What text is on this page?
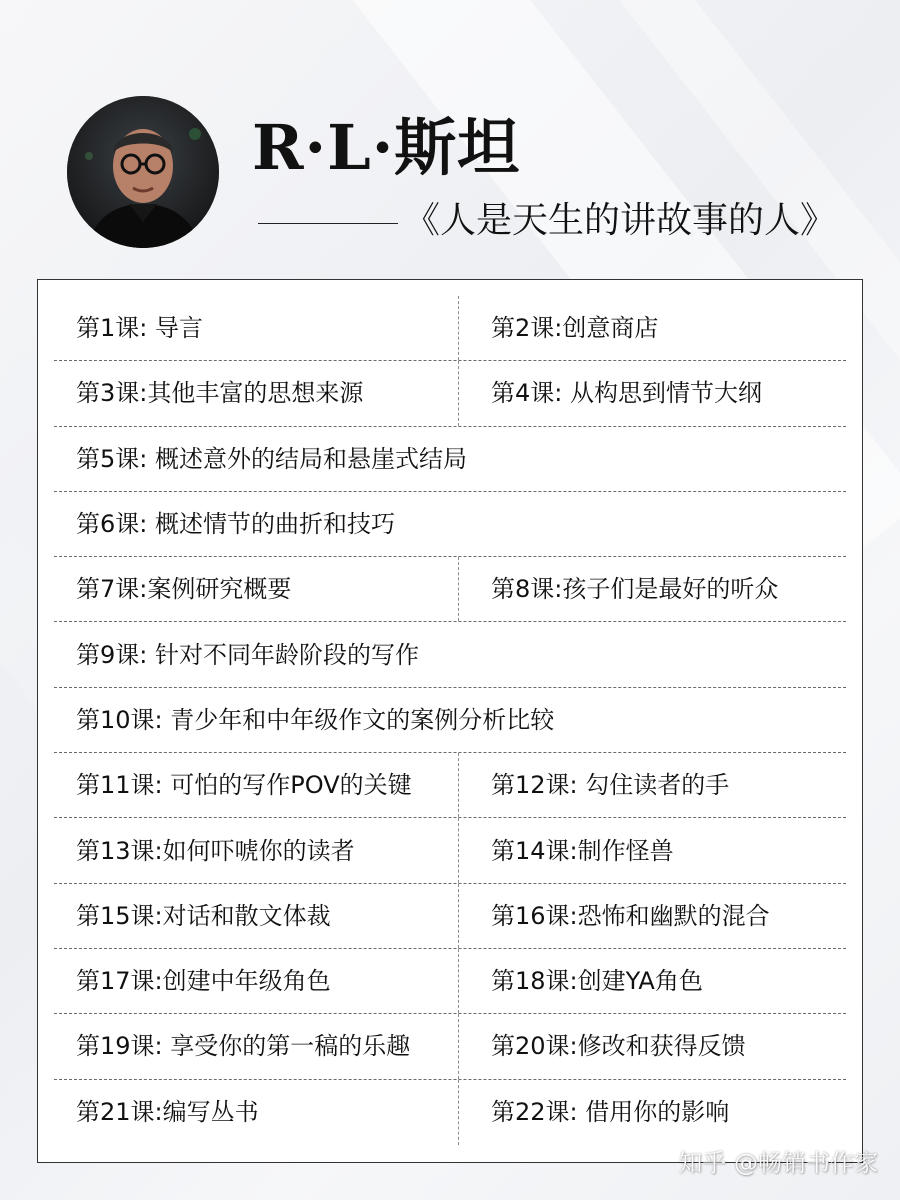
R·L·斯坦

《人是天生的讲故事的人》

第1课: 导言	第2课:创意商店
第3课:其他丰富的思想来源	第4课: 从构思到情节大纲
第5课: 概述意外的结局和悬崖式结局
第6课: 概述情节的曲折和技巧
第7课:案例研究概要	第8课:孩子们是最好的听众
第9课: 针对不同年龄阶段的写作
第10课: 青少年和中年级作文的案例分析比较
第11课: 可怕的写作POV的关键	第12课: 勾住读者的手
第13课:如何吓唬你的读者	第14课:制作怪兽
第15课:对话和散文体裁	第16课:恐怖和幽默的混合
第17课:创建中年级角色	第18课:创建YA角色
第19课: 享受你的第一稿的乐趣	第20课:修改和获得反馈
第21课:编写丛书	第22课: 借用你的影响

知乎 @畅销书作家
